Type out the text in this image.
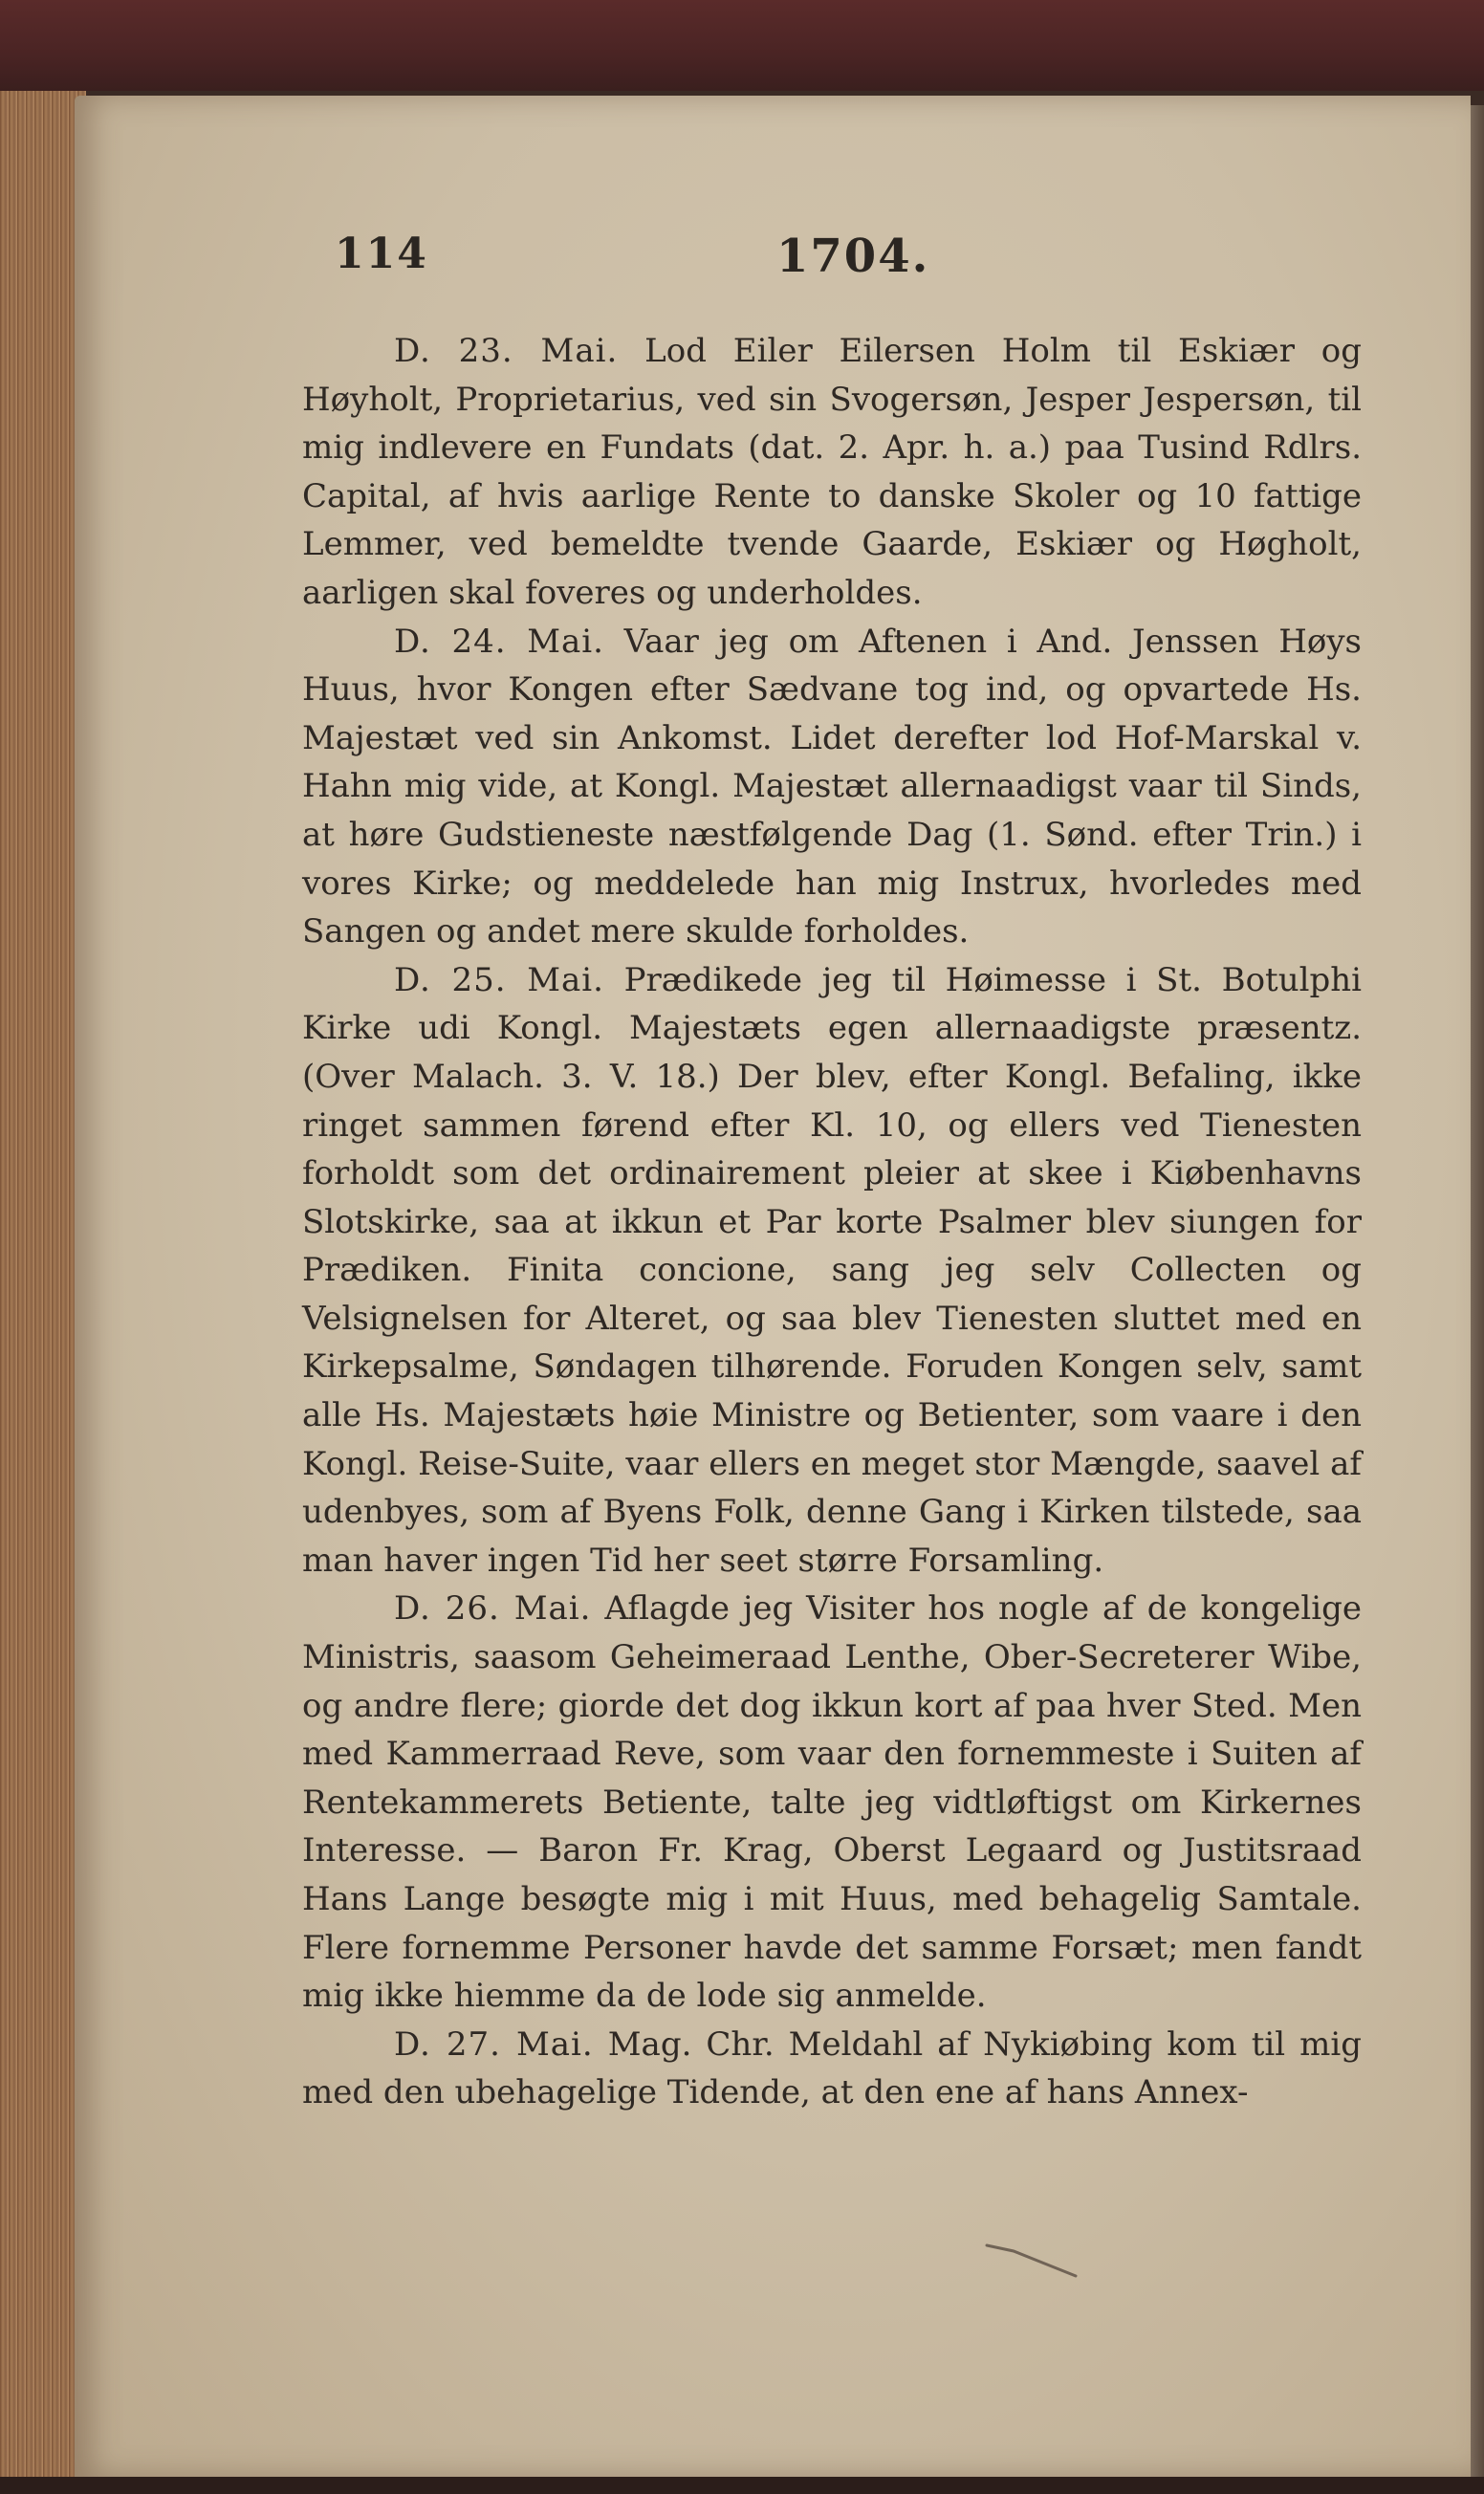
114	1704.

D. 23. Mai. Lod Eiler Eilersen Holm til Eskiær og Høyholt, Proprietarius, ved sin Svogersøn, Jesper Jespersøn, til mig indlevere en Fundats (dat. 2. Apr. h. a.) paa Tusind Rdlrs. Capital, af hvis aarlige Rente to danske Skoler og 10 fattige Lemmer, ved bemeldte tvende Gaarde, Eskiær og Høgholt, aarligen skal foveres og underholdes.

D. 24. Mai. Vaar jeg om Aftenen i And. Jenssen Høys Huus, hvor Kongen efter Sædvane tog ind, og opvartede Hs. Majestæt ved sin Ankomst. Lidet derefter lod Hof-Marskal v. Hahn mig vide, at Kongl. Majestæt allernaadigst vaar til Sinds, at høre Gudstieneste næstfølgende Dag (1. Sønd. efter Trin.) i vores Kirke; og meddelede han mig Instrux, hvorledes med Sangen og andet mere skulde forholdes.

D. 25. Mai. Prædikede jeg til Høimesse i St. Botulphi Kirke udi Kongl. Majestæts egen allernaadigste præsentz. (Over Malach. 3. V. 18.) Der blev, efter Kongl. Befaling, ikke ringet sammen førend efter Kl. 10, og ellers ved Tienesten forholdt som det ordinairement pleier at skee i Kiøbenhavns Slotskirke, saa at ikkun et Par korte Psalmer blev siungen for Prædiken. Finita concione, sang jeg selv Collecten og Velsignelsen for Alteret, og saa blev Tienesten sluttet med en Kirkepsalme, Søndagen tilhørende. Foruden Kongen selv, samt alle Hs. Majestæts høie Ministre og Betienter, som vaare i den Kongl. Reise-Suite, vaar ellers en meget stor Mængde, saavel af udenbyes, som af Byens Folk, denne Gang i Kirken tilstede, saa man haver ingen Tid her seet større Forsamling.

D. 26. Mai. Aflagde jeg Visiter hos nogle af de kongelige Ministris, saasom Geheimeraad Lenthe, Ober-Secreterer Wibe, og andre flere; giorde det dog ikkun kort af paa hver Sted. Men med Kammerraad Reve, som vaar den fornemmeste i Suiten af Rentekammerets Betiente, talte jeg vidtløftigst om Kirkernes Interesse. — Baron Fr. Krag, Oberst Legaard og Justitsraad Hans Lange besøgte mig i mit Huus, med behagelig Samtale. Flere fornemme Personer havde det samme Forsæt; men fandt mig ikke hiemme da de lode sig anmelde.

D. 27. Mai. Mag. Chr. Meldahl af Nykiøbing kom til mig med den ubehagelige Tidende, at den ene af hans Annex-
